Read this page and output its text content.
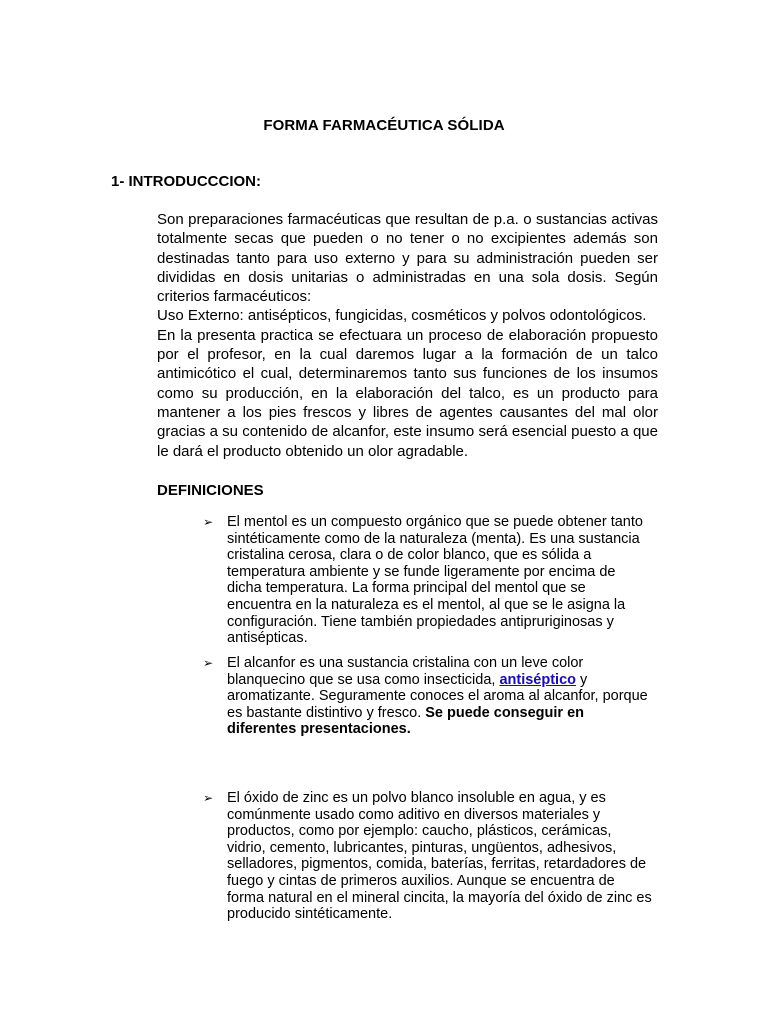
FORMA FARMACÉUTICA SÓLIDA
1- INTRODUCCCION:

Son preparaciones farmacéuticas que resultan de p.a. o sustancias activas totalmente secas que pueden o no tener o no excipientes además son destinadas tanto para uso externo y para su administración pueden ser divididas en dosis unitarias o administradas en una sola dosis. Según criterios farmacéuticos:

Uso Externo: antisépticos, fungicidas, cosméticos y polvos odontológicos.

En la presenta practica se efectuara un proceso de elaboración propuesto por el profesor, en la cual daremos lugar a la formación de un talco antimicótico el cual, determinaremos tanto sus funciones de los insumos como su producción, en la elaboración del talco, es un producto para mantener a los pies frescos y libres de agentes causantes del mal olor gracias a su contenido de alcanfor, este insumo será esencial puesto a que le dará el producto obtenido un olor agradable.

DEFINICIONES
➢ El mentol es un compuesto orgánico que se puede obtener tanto sintéticamente como de la naturaleza (menta). Es una sustancia cristalina cerosa, clara o de color blanco, que es sólida a temperatura ambiente y se funde ligeramente por encima de dicha temperatura. La forma principal del mentol que se encuentra en la naturaleza es el mentol, al que se le asigna la configuración. Tiene también propiedades antipruriginosas y antisépticas.
➢ El alcanfor es una sustancia cristalina con un leve color blanquecino que se usa como insecticida, antiséptico y aromatizante. Seguramente conoces el aroma al alcanfor, porque es bastante distintivo y fresco. Se puede conseguir en diferentes presentaciones.
➢ El óxido de zinc es un polvo blanco insoluble en agua, y es comúnmente usado como aditivo en diversos materiales y productos, como por ejemplo: caucho, plásticos, cerámicas, vidrio, cemento, lubricantes, pinturas, ungüentos, adhesivos, selladores, pigmentos, comida, baterías, ferritas, retardadores de fuego y cintas de primeros auxilios. Aunque se encuentra de forma natural en el mineral cincita, la mayoría del óxido de zinc es producido sintéticamente.
